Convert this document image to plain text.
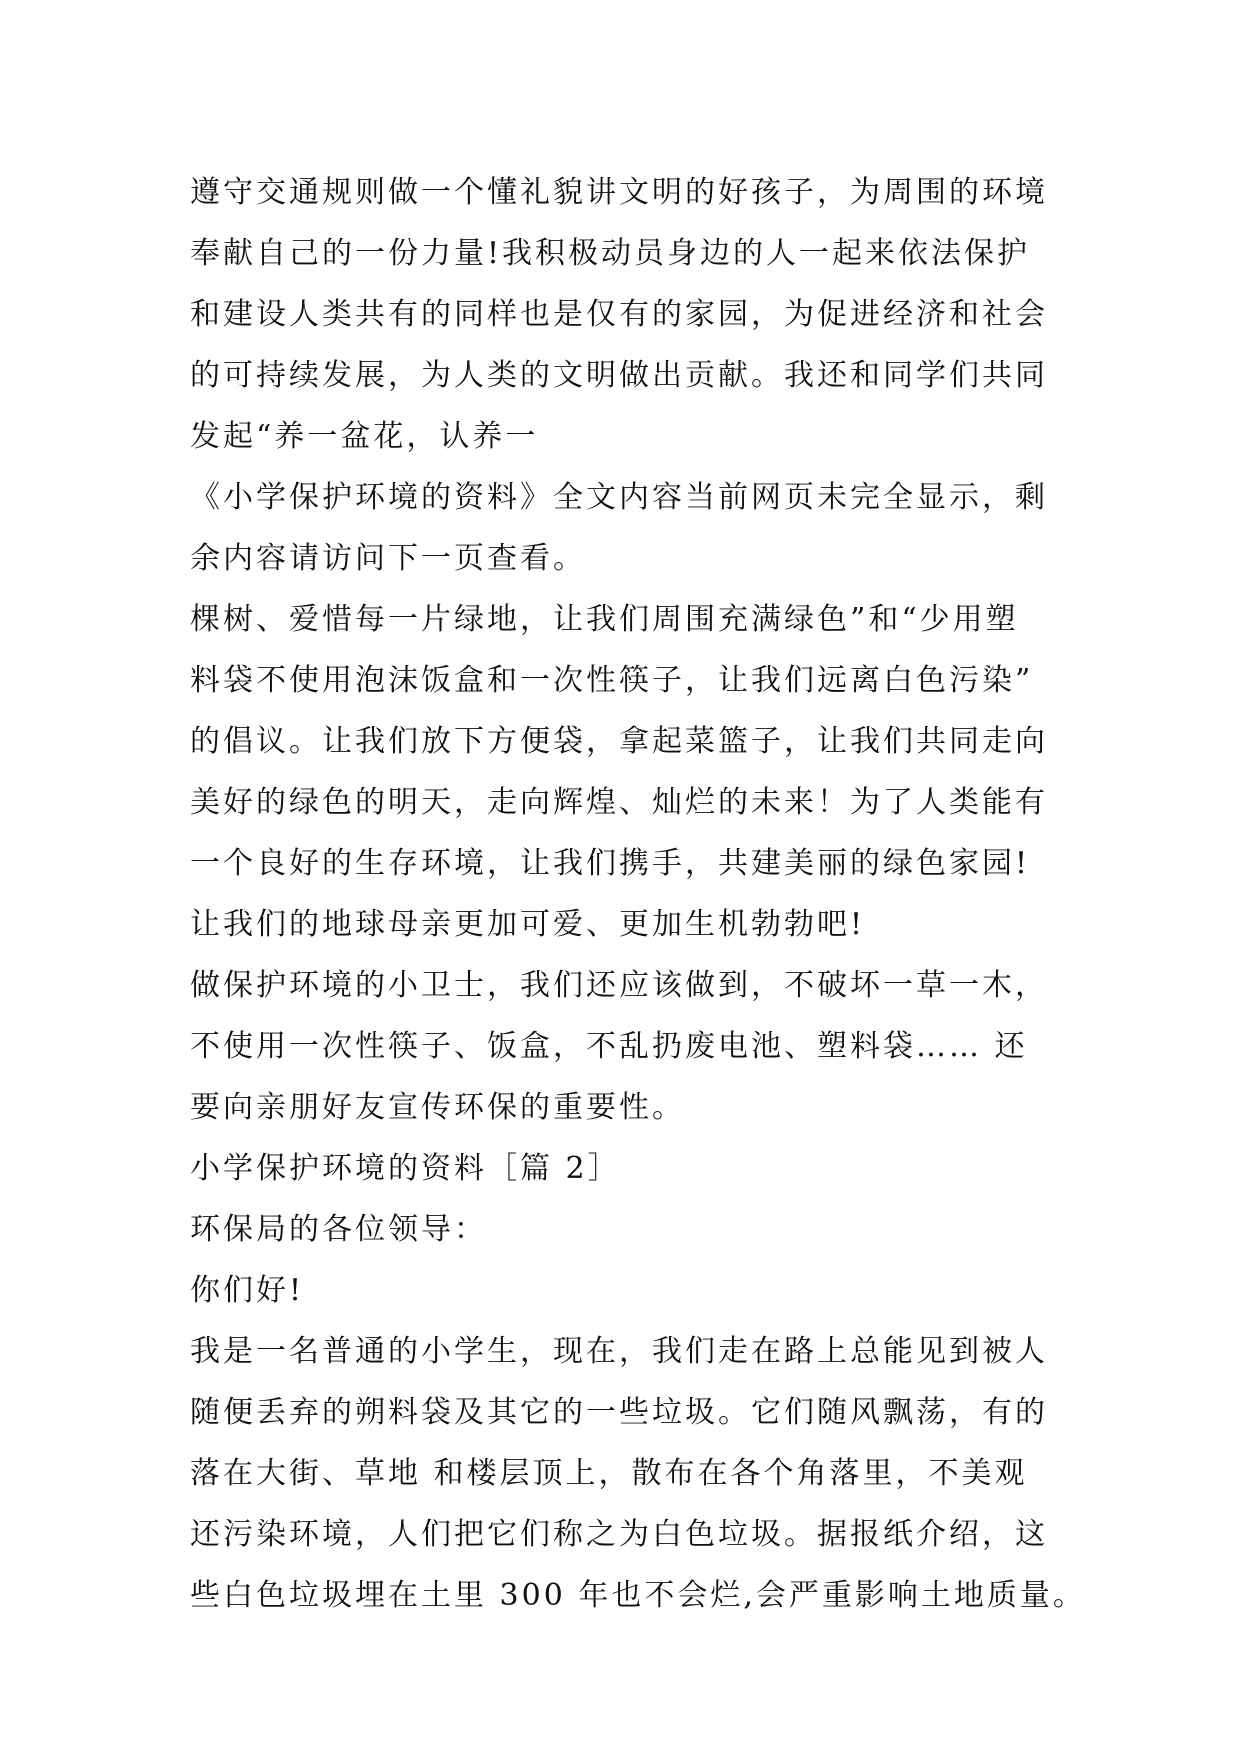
遵守交通规则做一个懂礼貌讲文明的好孩子，为周围的环境
奉献自己的一份力量!我积极动员身边的人一起来依法保护
和建设人类共有的同样也是仅有的家园，为促进经济和社会
的可持续发展，为人类的文明做出贡献。我还和同学们共同
发起“养一盆花，认养一
《小学保护环境的资料》全文内容当前网页未完全显示，剩
余内容请访问下一页查看。
棵树、爱惜每一片绿地，让我们周围充满绿色”和“少用塑
料袋不使用泡沫饭盒和一次性筷子，让我们远离白色污染”
的倡议。让我们放下方便袋，拿起菜篮子，让我们共同走向
美好的绿色的明天，走向辉煌、灿烂的未来！为了人类能有
一个良好的生存环境，让我们携手，共建美丽的绿色家园!
让我们的地球母亲更加可爱、更加生机勃勃吧!
做保护环境的小卫士，我们还应该做到，不破坏一草一木，
不使用一次性筷子、饭盒，不乱扔废电池、塑料袋…… 还
要向亲朋好友宣传环保的重要性。
小学保护环境的资料［篇 2］
环保局的各位领导：
你们好!
我是一名普通的小学生，现在，我们走在路上总能见到被人
随便丢弃的朔料袋及其它的一些垃圾。它们随风飘荡，有的
落在大街、草地 和楼层顶上，散布在各个角落里，不美观
还污染环境，人们把它们称之为白色垃圾。据报纸介绍，这
些白色垃圾埋在土里 300 年也不会烂,会严重影响土地质量。
